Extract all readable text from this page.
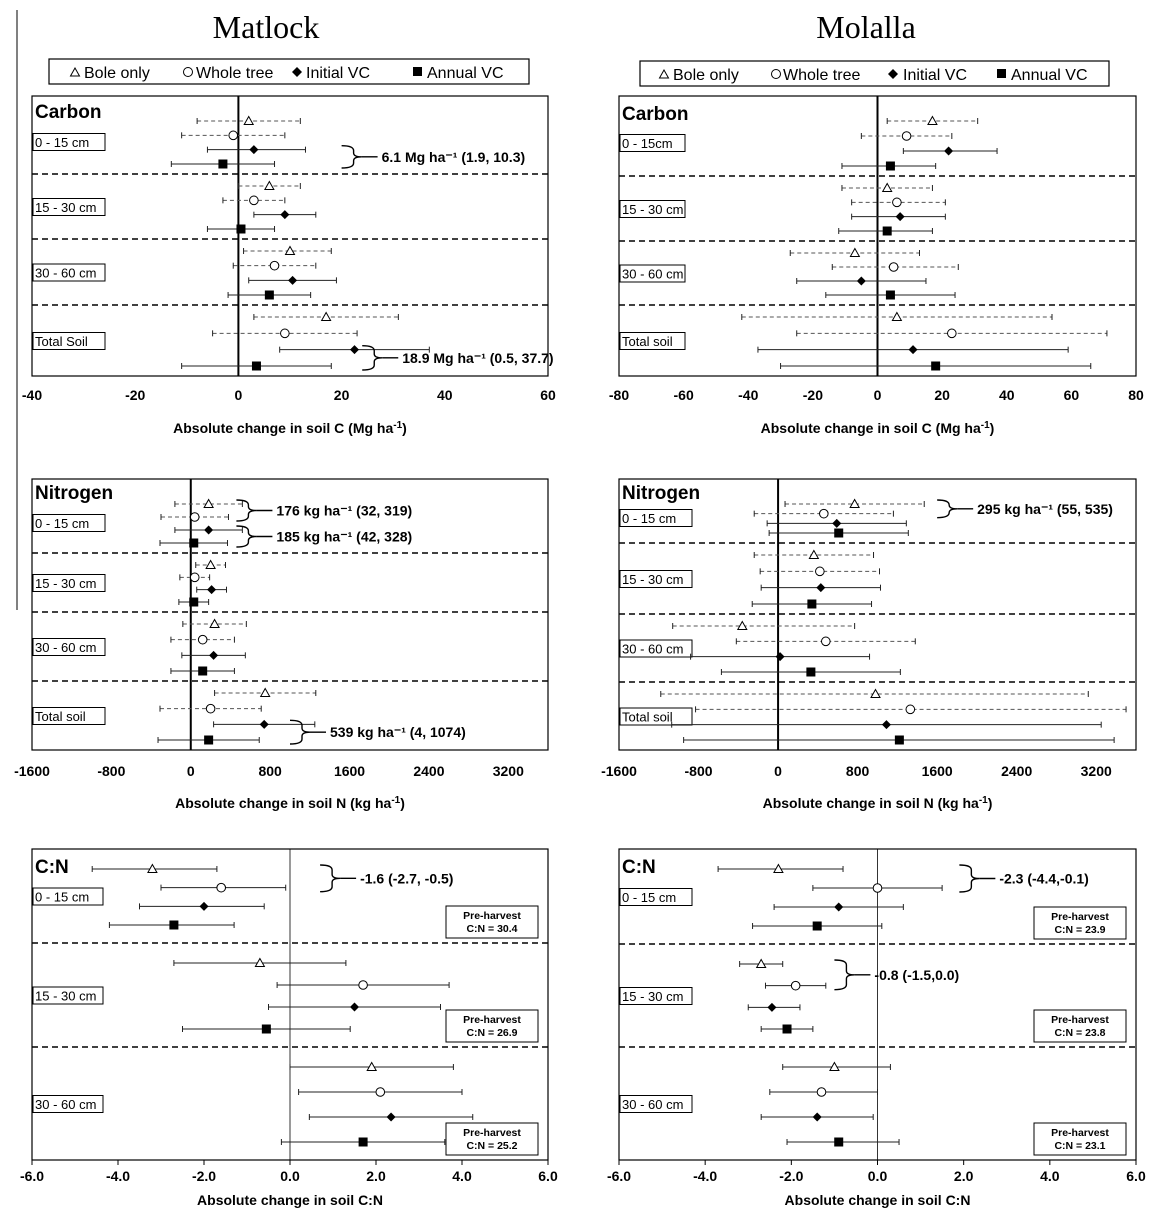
Matlock	Molalla
Bole only	Whole tree Initial VC	Annual VC	Bole only	Whole tree	Initial VC	Annual VC
Carbon
0 - 15 cm
15 - 30 cm
30 - 60 cm
Total Soil
6.1 Mg ha⁻¹ (1.9, 10.3)
18.9 Mg ha⁻¹ (0.5, 37.7)
-40	-20	0	20	40	60
Absolute change in soil C (Mg $ha^{-1}$)
Carbon
0 - 15cm
15 - 30 cm
30 - 60 cm
Total soil
-80	-60	-40	-20	0	20	40	60	80
Absolute change in soil C (Mg $ha^{-1}$)
Nitrogen
0 - 15 cm
15 - 30 cm
30 - 60 cm
Total soil
176 kg ha⁻¹ (32, 319)
185 kg ha⁻¹ (42, 328)
539 kg ha⁻¹ (4, 1074)
-1600	-800	0	800	1600	2400	3200
Absolute change in soil N (kg $ha^{-1}$)
Nitrogen
0 - 15 cm
15 - 30 cm
30 - 60 cm
Total soil
295 kg ha⁻¹ (55, 535)
-1600	-800	0	800	1600	2400	3200
Absolute change in soil N (kg $ha^{-1}$)
C:N
0 - 15 cm
15 - 30 cm
30 - 60 cm
-1.6 (-2.7, -0.5)
Pre-harvest
C:N = 30.4
Pre-harvest
C:N = 26.9
Pre-harvest
C:N = 25.2
-6.0	-4.0	-2.0	0.0	2.0	4.0	6.0
Absolute change in soil C:N
C:N
0 - 15 cm
15 - 30 cm
30 - 60 cm
-2.3 (-4.4,-0.1)
-0.8 (-1.5,0.0)
Pre-harvest
C:N = 23.9
Pre-harvest
C:N = 23.8
Pre-harvest
C:N = 23.1
-6.0	-4.0	-2.0	0.0	2.0	4.0	6.0
Absolute change in soil C:N
